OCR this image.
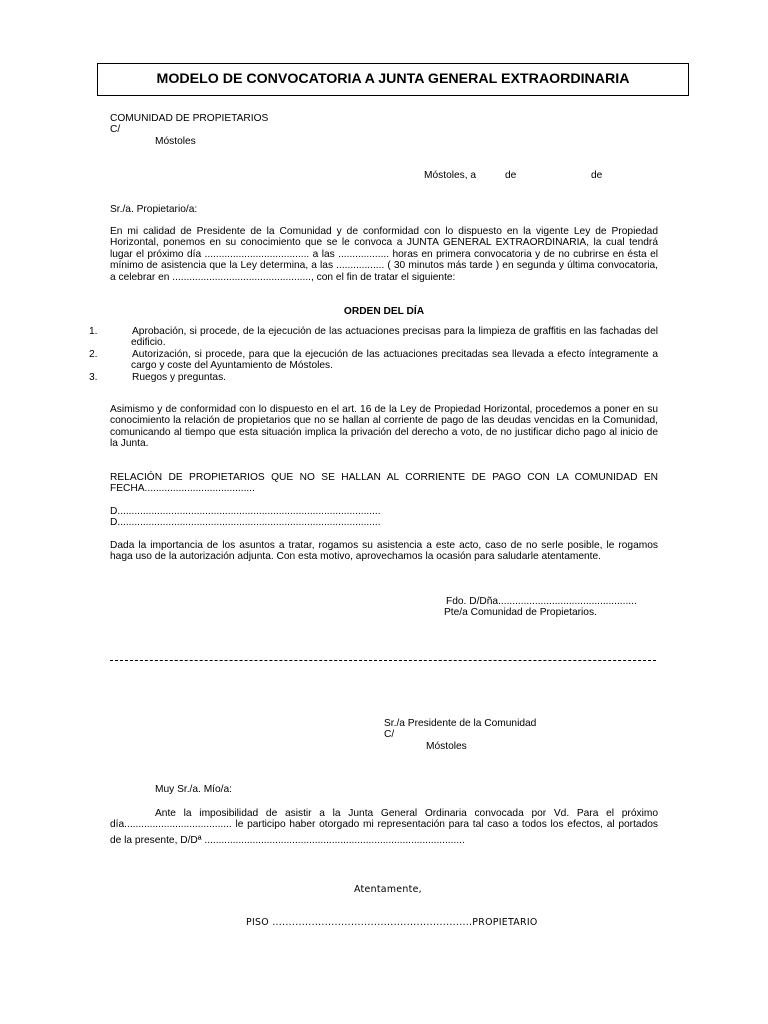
MODELO DE CONVOCATORIA A JUNTA GENERAL EXTRAORDINARIA
COMUNIDAD DE PROPIETARIOS
C/
Móstoles
Móstoles, a	de	de
Sr./a. Propietario/a:
En mi calidad de Presidente de la Comunidad y de conformidad con lo dispuesto en la vigente Ley de Propiedad Horizontal, ponemos en su conocimiento que se le convoca a JUNTA GENERAL EXTRAORDINARIA, la cual tendrá lugar el próximo día ..................................... a las .................. horas en primera convocatoria y de no cubrirse en ésta el mínimo de asistencia que la Ley determina, a las ................. ( 30 minutos más tarde ) en segunda y última convocatoria, a celebrar en ................................................., con el fin de tratar el siguiente:
ORDEN DEL DÍA
1.	Aprobación, si procede, de la ejecución de las actuaciones precisas para la limpieza de graffitis en las fachadas del edificio.
2.	Autorización, si procede, para que la ejecución de las actuaciones precitadas sea llevada a efecto íntegramente a cargo y coste del Ayuntamiento de Móstoles.
3.	Ruegos y preguntas.
Asimismo y de conformidad con lo dispuesto en el art. 16 de la Ley de Propiedad Horizontal, procedemos a poner en su conocimiento la relación de propietarios que no se hallan al corriente de pago de las deudas vencidas en la Comunidad, comunicando al tiempo que esta situación implica la privación del derecho a voto, de no justificar dicho pago al inicio de la Junta.
RELACIÓN DE PROPIETARIOS QUE NO SE HALLAN AL CORRIENTE DE PAGO CON LA COMUNIDAD EN FECHA.......................................
D.............................................................................................
D.............................................................................................
Dada la importancia de los asuntos a tratar, rogamos su asistencia a este acto, caso de no serle posible, le rogamos haga uso de la autorización adjunta. Con esta motivo, aprovechamos la ocasión para saludarle atentamente.
Fdo. D/Dña.................................................
Pte/a Comunidad de Propietarios.
Sr./a Presidente de la Comunidad
C/
Móstoles
Muy Sr./a. Mío/a:
Ante la imposibilidad de asistir a la Junta General Ordinaria convocada por Vd. Para el próximo
día...................................... le participo haber otorgado mi representación para tal caso a todos los efectos, al portados
de la presente, D/Dª ............................................................................................
Atentamente,
PISO .............................................................PROPIETARIO
